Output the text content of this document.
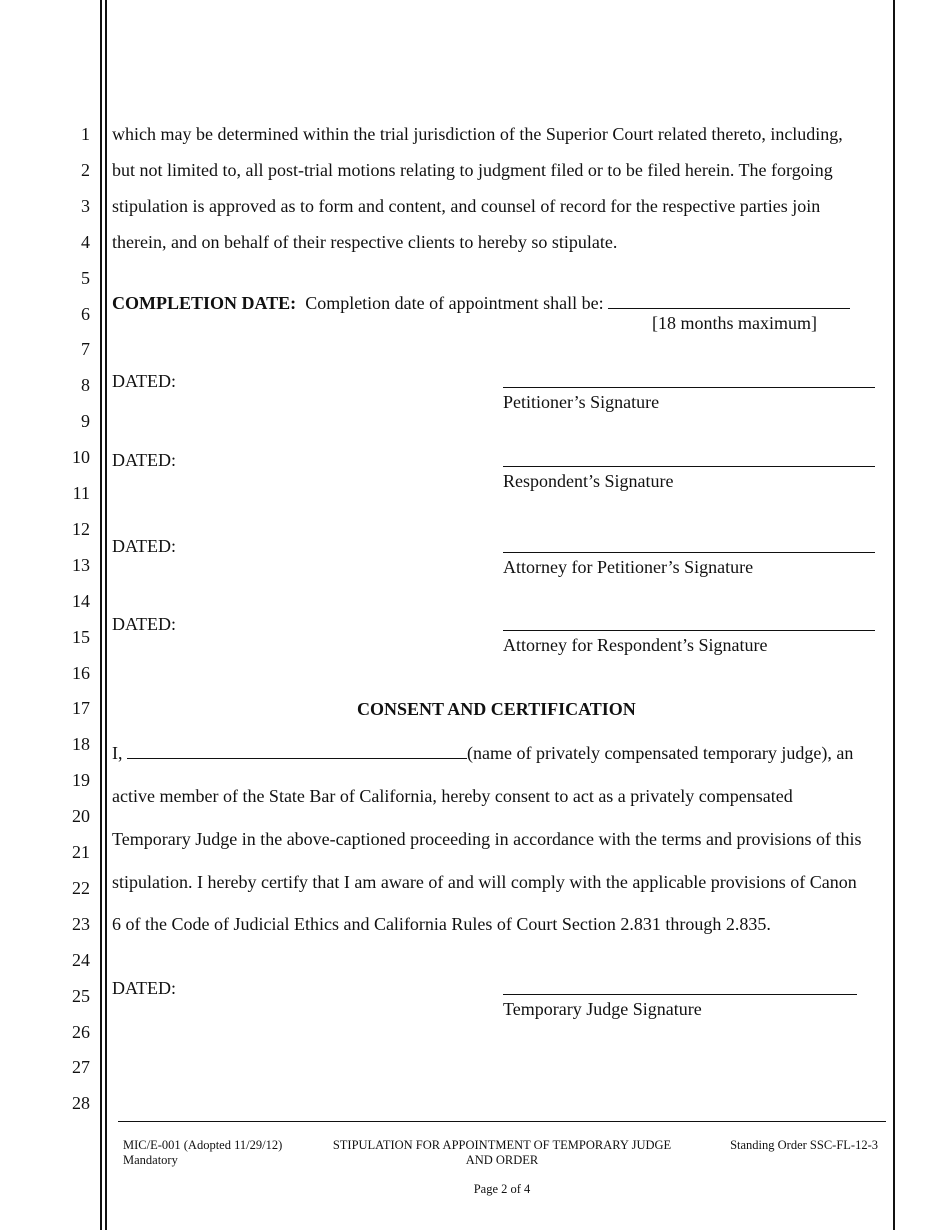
1
2
3
4
5
6
7
8
9
10
11
12
13
14
15
16
17
18
19
20
21
22
23
24
25
26
27
28
which may be determined within the trial jurisdiction of the Superior Court related thereto, including,
but not limited to, all post-trial motions relating to judgment filed or to be filed herein. The forgoing
stipulation is approved as to form and content, and counsel of record for the respective parties join
therein, and on behalf of their respective clients to hereby so stipulate.
COMPLETION DATE: Completion date of appointment shall be:
[18 months maximum]
DATED:
Petitioner’s Signature
DATED:
Respondent’s Signature
DATED:
Attorney for Petitioner’s Signature
DATED:
Attorney for Respondent’s Signature
CONSENT AND CERTIFICATION
I,	(name of privately compensated temporary judge), an
active member of the State Bar of California, hereby consent to act as a privately compensated
Temporary Judge in the above-captioned proceeding in accordance with the terms and provisions of this
stipulation. I hereby certify that I am aware of and will comply with the applicable provisions of Canon
6 of the Code of Judicial Ethics and California Rules of Court Section 2.831 through 2.835.
DATED:
Temporary Judge Signature
MIC/E-001 (Adopted 11/29/12)
Mandatory
STIPULATION FOR APPOINTMENT OF TEMPORARY JUDGE
AND ORDER
Standing Order SSC-FL-12-3
Page 2 of 4
